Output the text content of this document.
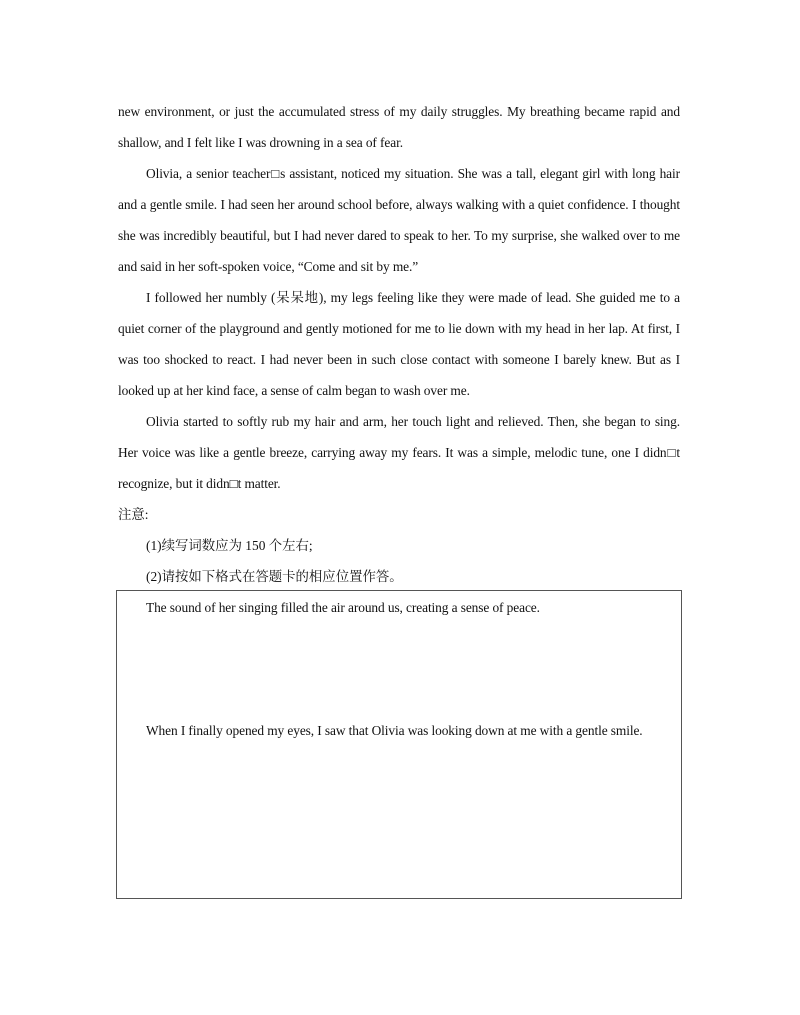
new environment, or just the accumulated stress of my daily struggles. My breathing became rapid and shallow, and I felt like I was drowning in a sea of fear.

Olivia, a senior teacher□s assistant, noticed my situation. She was a tall, elegant girl with long hair and a gentle smile. I had seen her around school before, always walking with a quiet confidence. I thought she was incredibly beautiful, but I had never dared to speak to her. To my surprise, she walked over to me and said in her soft-spoken voice, “Come and sit by me.”

I followed her numbly (呆呆地), my legs feeling like they were made of lead. She guided me to a quiet corner of the playground and gently motioned for me to lie down with my head in her lap. At first, I was too shocked to react. I had never been in such close contact with someone I barely knew. But as I looked up at her kind face, a sense of calm began to wash over me.

Olivia started to softly rub my hair and arm, her touch light and relieved. Then, she began to sing. Her voice was like a gentle breeze, carrying away my fears. It was a simple, melodic tune, one I didn□t recognize, but it didn□t matter.

注意:

(1)续写词数应为 150 个左右;

(2)请按如下格式在答题卡的相应位置作答。

The sound of her singing filled the air around us, creating a sense of peace.

When I finally opened my eyes, I saw that Olivia was looking down at me with a gentle smile.
